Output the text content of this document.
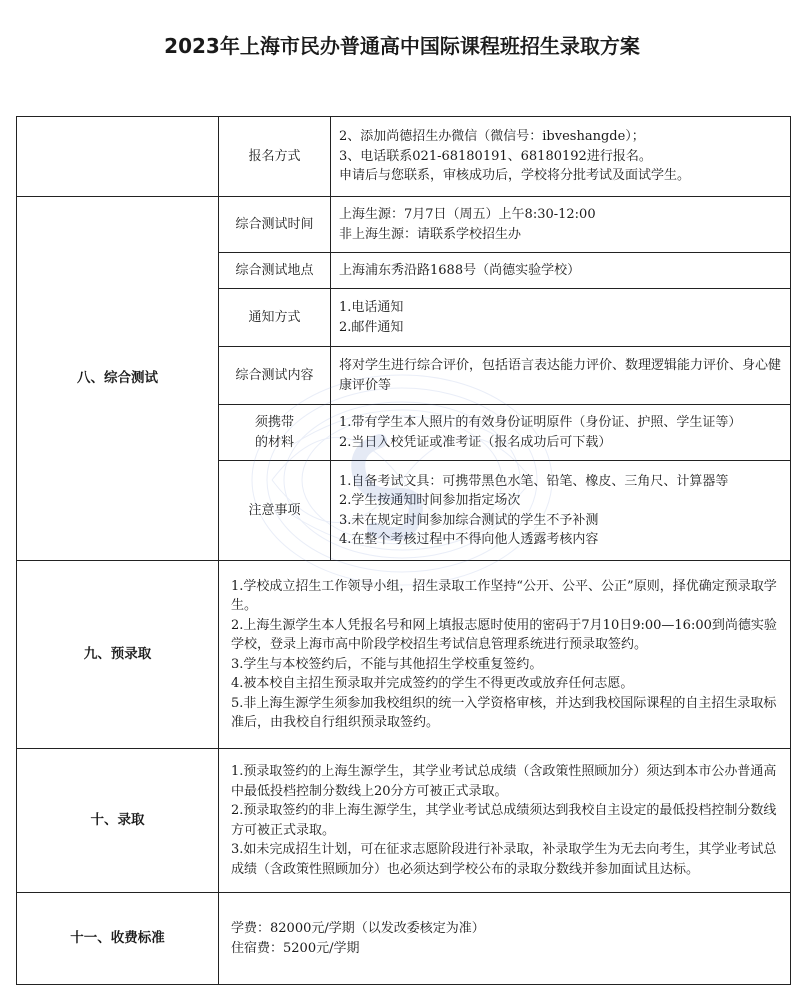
2023年上海市民办普通高中国际课程班招生录取方案
	报名方式	2、添加尚德招生办微信（微信号：ibveshangde）；
3、电话联系021-68180191、68180192进行报名。
申请后与您联系，审核成功后，学校将分批考试及面试学生。

八、综合测试	综合测试时间	上海生源：7月7日（周五）上午8:30-12:00
非上海生源：请联系学校招生办

	综合测试地点	上海浦东秀沿路1688号（尚德实验学校）

	通知方式	1.电话通知
2.邮件通知

	综合测试内容	将对学生进行综合评价，包括语言表达能力评价、数理逻辑能力评价、身心健康评价等

	须携带
的材料	1.带有学生本人照片的有效身份证明原件（身份证、护照、学生证等）
2.当日入校凭证或准考证（报名成功后可下载）

	注意事项	1.自备考试文具：可携带黑色水笔、铅笔、橡皮、三角尺、计算器等
2.学生按通知时间参加指定场次
3.未在规定时间参加综合测试的学生不予补测
4.在整个考核过程中不得向他人透露考核内容

九、预录取	1.学校成立招生工作领导小组，招生录取工作坚持“公开、公平、公正”原则，择优确定预录取学生。
2.上海生源学生本人凭报名号和网上填报志愿时使用的密码于7月10日9:00—16:00到尚德实验学校，登录上海市高中阶段学校招生考试信息管理系统进行预录取签约。
3.学生与本校签约后，不能与其他招生学校重复签约。
4.被本校自主招生预录取并完成签约的学生不得更改或放弃任何志愿。
5.非上海生源学生须参加我校组织的统一入学资格审核，并达到我校国际课程的自主招生录取标准后，由我校自行组织预录取签约。	

十、录取	1.预录取签约的上海生源学生，其学业考试总成绩（含政策性照顾加分）须达到本市公办普通高中最低投档控制分数线上20分方可被正式录取。
2.预录取签约的非上海生源学生，其学业考试总成绩须达到我校自主设定的最低投档控制分数线方可被正式录取。
3.如未完成招生计划，可在征求志愿阶段进行补录取，补录取学生为无去向考生，其学业考试总成绩（含政策性照顾加分）也必须达到学校公布的录取分数线并参加面试且达标。	

十一、收费标准	学费：82000元/学期（以发改委核定为准）
住宿费：5200元/学期	
